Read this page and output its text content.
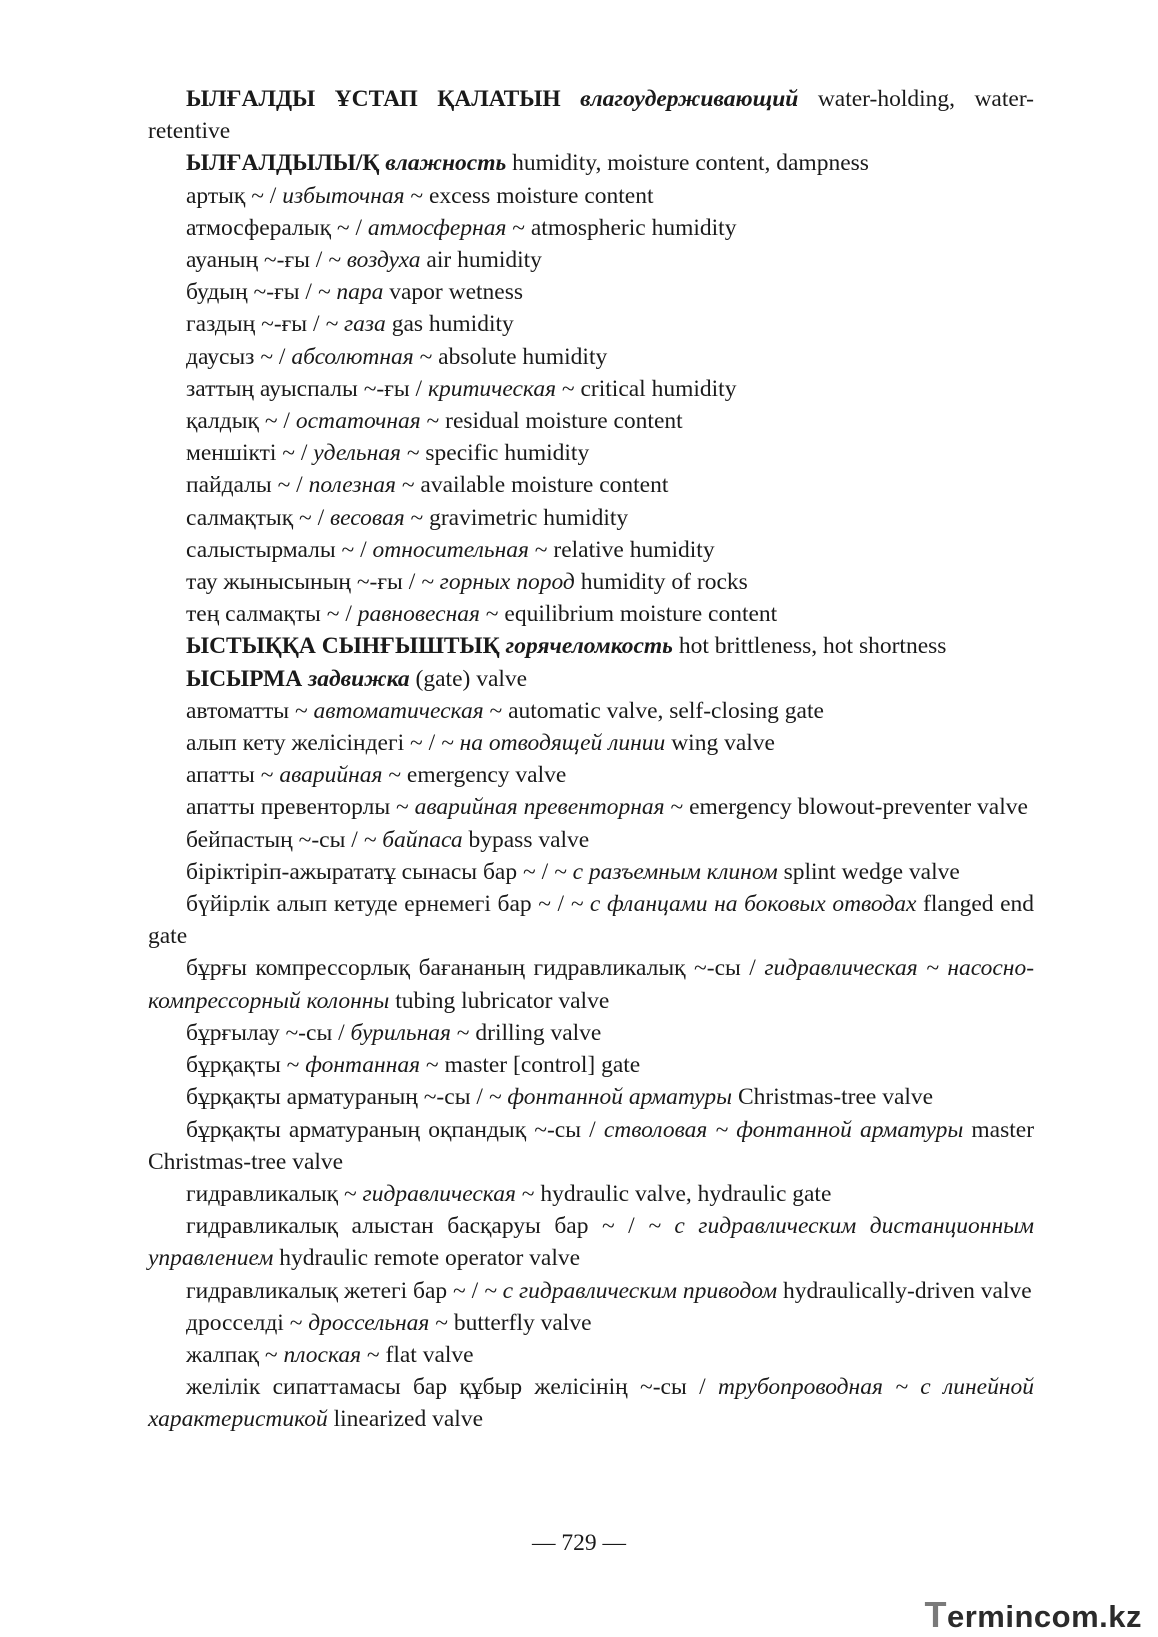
ЫЛҒАЛДЫ ҰСТАП ҚАЛАТЫН влагоудерживающий water-holding, water-retentive

ЫЛҒАЛДЫЛЫ/Қ влажность humidity, moisture content, dampness

артық ~ / избыточная ~ excess moisture content

атмосфералық ~ / атмосферная ~ atmospheric humidity

ауаның ~-ғы / ~ воздуха air humidity

будың ~-ғы / ~ пара vapor wetness

газдың ~-ғы / ~ газа gas humidity

даусыз ~ / абсолютная ~ absolute humidity

заттың ауыспалы ~-ғы / критическая ~ critical humidity

қалдық ~ / остаточная ~ residual moisture content

меншікті ~ / удельная ~ specific humidity

пайдалы ~ / полезная ~ available moisture content

салмақтық ~ / весовая ~ gravimetric humidity

салыстырмалы ~ / относительная ~ relative humidity

тау жынысының ~-ғы / ~ горных пород humidity of rocks

тең салмақты ~ / равновесная ~ equilibrium moisture content

ЫСТЫҚҚА СЫНҒЫШТЫҚ горячеломкость hot brittleness, hot shortness

ЫСЫРМА задвижка (gate) valve

автоматты ~ автоматическая ~ automatic valve, self-closing gate

алып кету желісіндегі ~ / ~ на отводящей линии wing valve

апатты ~ аварийная ~ emergency valve

апатты превенторлы ~ аварийная превенторная ~ emergency blowout-preventer valve

бейпастың ~-сы / ~ байпаса bypass valve

біріктіріп-ажырататұ сынасы бар ~ / ~ с разъемным клином splint wedge valve

бүйірлік алып кетуде ернемегі бар ~ / ~ с фланцами на боковых отводах flanged end gate

бұрғы компрессорлық бағананың гидравликалық ~-сы / гидравлическая ~ насосно-компрессорный колонны tubing lubricator valve

бұрғылау ~-сы / бурильная ~ drilling valve

бұрқақты ~ фонтанная ~ master [control] gate

бұрқақты арматураның ~-сы / ~ фонтанной арматуры Christmas-tree valve

бұрқақты арматураның оқпандық ~-сы / стволовая ~ фонтанной арматуры master Christmas-tree valve

гидравликалық ~ гидравлическая ~ hydraulic valve, hydraulic gate

гидравликалық алыстан басқаруы бар ~ / ~ с гидравлическим дистанционным управлением hydraulic remote operator valve

гидравликалық жетегі бар ~ / ~ с гидравлическим приводом hydraulically-driven valve

дросселді ~ дроссельная ~ butterfly valve

жалпақ ~ плоская ~ flat valve

желілік сипаттамасы бар құбыр желісінің ~-сы / трубопроводная ~ с линейной характеристикой linearized valve

— 729 —
Termincom.kz
